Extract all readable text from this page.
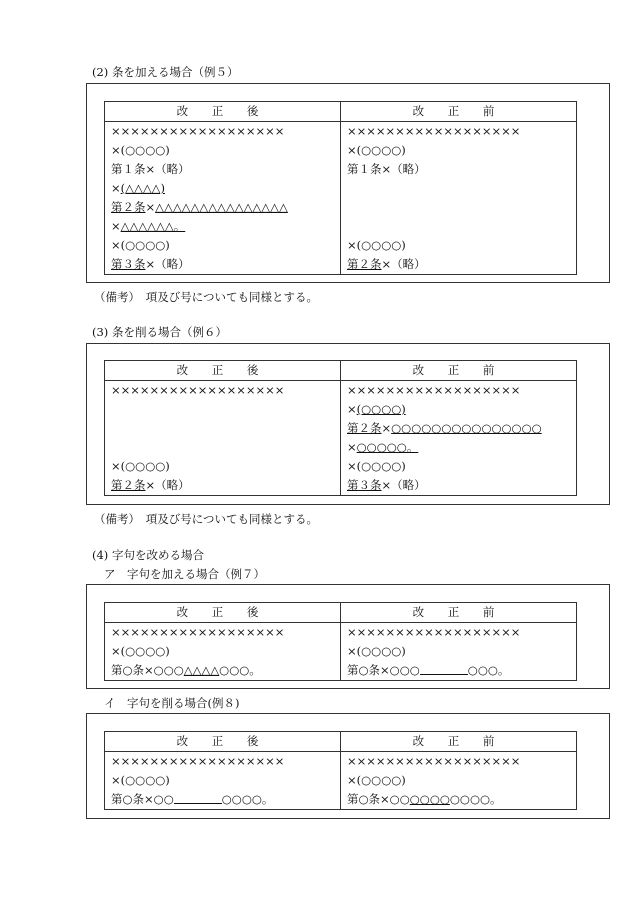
(2) 条を加える場合（例５）
改 正 後	改 正 前
××××××××××××××××××	××××××××××××××××××
×(○○○○)	×(○○○○)
第１条×（略）	第１条×（略）
×(△△△△)	
第２条×△△△△△△△△△△△△△△△	
×△△△△△△。	
×(○○○○)	×(○○○○)
第３条×（略）	第２条×（略）
（備考）　項及び号についても同様とする。
(3) 条を削る場合（例６）
改 正 後	改 正 前
××××××××××××××××××	××××××××××××××××××
	×(○○○○)
	第２条×○○○○○○○○○○○○○○○
	×○○○○○。
×(○○○○)	×(○○○○)
第２条×（略）	第３条×（略）
（備考）　項及び号についても同様とする。
(4) 字句を改める場合
ア　字句を加える場合（例７）
改 正 後	改 正 前
××××××××××××××××××	××××××××××××××××××
×(○○○○)	×(○○○○)
第○条×○○○△△△△○○○。	第○条×○○○ ○○○。
イ　字句を削る場合(例８)
改 正 後	改 正 前
××××××××××××××××××	××××××××××××××××××
×(○○○○)	×(○○○○)
第○条×○○ ○○○○。	第○条×○○○○○○○○○○。
